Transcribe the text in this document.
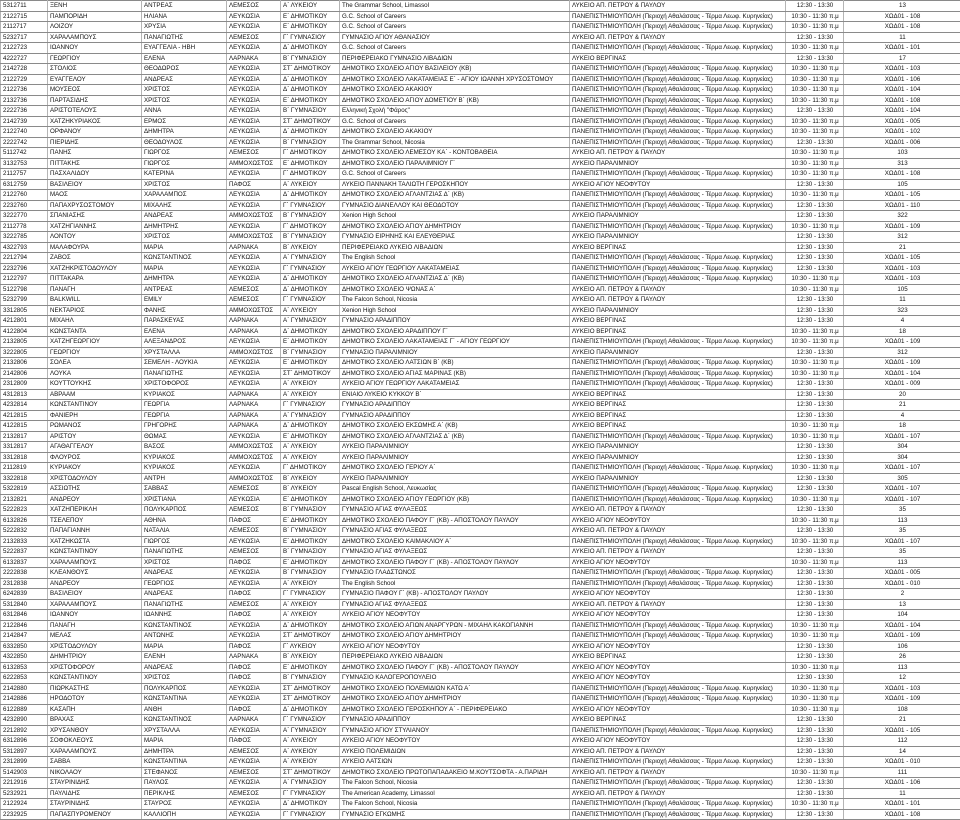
5312711	ΞΕΝΗ	ΑΝΤΡΕΑΣ	ΛΕΜΕΣΟΣ	Α΄ ΛΥΚΕΙΟΥ	The Grammar School, Limassol	ΛΥΚΕΙΟ ΑΠ. ΠΕΤΡΟΥ & ΠΑΥΛΟΥ	12:30 - 13:30	13
2122715	ΠΑΜΠΟΡΙΔΗ	ΗΛΙΑΝΑ	ΛΕΥΚΩΣΙΑ	Ε΄ ΔΗΜΟΤΙΚΟΥ	G.C. School of Careers	ΠΑΝΕΠΙΣΤΗΜΙΟΥΠΟΛΗ (Περιοχή Αθαλάσσας - Τέρμα Λεωφ. Κυρηνείας)	10:30 - 11:30 π.μ	ΧΩΔ01 - 108
2112717	ΛΟΙΖΟΥ	ΧΡΥΣΙΑ	ΛΕΥΚΩΣΙΑ	Ε΄ ΔΗΜΟΤΙΚΟΥ	G.C. School of Careers	ΠΑΝΕΠΙΣΤΗΜΙΟΥΠΟΛΗ (Περιοχή Αθαλάσσας - Τέρμα Λεωφ. Κυρηνείας)	10:30 - 11:30 π.μ	ΧΩΔ01 - 108
5232717	ΧΑΡΑΛΑΜΠΟΥΣ	ΠΑΝΑΓΙΩΤΗΣ	ΛΕΜΕΣΟΣ	Γ΄ ΓΥΜΝΑΣΙΟΥ	ΓΥΜΝΑΣΙΟ ΑΓΙΟΥ ΑΘΑΝΑΣΙΟΥ	ΛΥΚΕΙΟ ΑΠ. ΠΕΤΡΟΥ & ΠΑΥΛΟΥ	12:30 - 13:30	11
2122723	ΙΩΑΝΝΟΥ	ΕΥΑΓΓΕΛΙΑ - ΗΒΗ	ΛΕΥΚΩΣΙΑ	Δ΄ ΔΗΜΟΤΙΚΟΥ	G.C. School of Careers	ΠΑΝΕΠΙΣΤΗΜΙΟΥΠΟΛΗ (Περιοχή Αθαλάσσας - Τέρμα Λεωφ. Κυρηνείας)	10:30 - 11:30 π.μ	ΧΩΔ01 - 101
4222727	ΓΕΩΡΓΙΟΥ	ΕΛΕΝΑ	ΛΑΡΝΑΚΑ	Β΄ ΓΥΜΝΑΣΙΟΥ	ΠΕΡΙΦΕΡΕΙΑΚΟ ΓΥΜΝΑΣΙΟ ΛΙΒΑΔΙΩΝ	ΛΥΚΕΙΟ ΒΕΡΓΙΝΑΣ	12:30 - 13:30	17
2142728	ΣΤΟΛΙΟΣ	ΘΕΟΔΩΡΟΣ	ΛΕΥΚΩΣΙΑ	ΣΤ΄ ΔΗΜΟΤΙΚΟΥ	ΔΗΜΟΤΙΚΟ ΣΧΟΛΕΙΟ ΑΓΙΟΥ ΒΑΣΙΛΕΙΟΥ (ΚΒ)	ΠΑΝΕΠΙΣΤΗΜΙΟΥΠΟΛΗ (Περιοχή Αθαλάσσας - Τέρμα Λεωφ. Κυρηνείας)	10:30 - 11:30 π.μ	ΧΩΔ01 - 103
2122729	ΕΥΑΓΓΕΛΟΥ	ΑΝΔΡΕΑΣ	ΛΕΥΚΩΣΙΑ	Δ΄ ΔΗΜΟΤΙΚΟΥ	ΔΗΜΟΤΙΚΟ ΣΧΟΛΕΙΟ ΛΑΚΑΤΑΜΕΙΑΣ Ε΄ - ΑΓΙΟΥ ΙΩΑΝΝΗ ΧΡΥΣΟΣΤΟΜΟΥ	ΠΑΝΕΠΙΣΤΗΜΙΟΥΠΟΛΗ (Περιοχή Αθαλάσσας - Τέρμα Λεωφ. Κυρηνείας)	10:30 - 11:30 π.μ	ΧΩΔ01 - 106
2122736	ΜΟΥΣΕΟΣ	ΧΡΙΣΤΟΣ	ΛΕΥΚΩΣΙΑ	Δ΄ ΔΗΜΟΤΙΚΟΥ	ΔΗΜΟΤΙΚΟ ΣΧΟΛΕΙΟ ΑΚΑΚΙΟΥ	ΠΑΝΕΠΙΣΤΗΜΙΟΥΠΟΛΗ (Περιοχή Αθαλάσσας - Τέρμα Λεωφ. Κυρηνείας)	10:30 - 11:30 π.μ	ΧΩΔ01 - 104
2132736	ΠΑΡΤΑΣΙΔΗΣ	ΧΡΙΣΤΟΣ	ΛΕΥΚΩΣΙΑ	Ε΄ ΔΗΜΟΤΙΚΟΥ	ΔΗΜΟΤΙΚΟ ΣΧΟΛΕΙΟ ΑΓΙΟΥ ΔΟΜΕΤΙΟΥ Β΄ (ΚΒ)	ΠΑΝΕΠΙΣΤΗΜΙΟΥΠΟΛΗ (Περιοχή Αθαλάσσας - Τέρμα Λεωφ. Κυρηνείας)	10:30 - 11:30 π.μ	ΧΩΔ01 - 108
2222736	ΑΡΙΣΤΟΤΕΛΟΥΣ	ΑΝΝΑ	ΛΕΥΚΩΣΙΑ	Β΄ ΓΥΜΝΑΣΙΟΥ	Ελληνική Σχολή "Φάρος"	ΠΑΝΕΠΙΣΤΗΜΙΟΥΠΟΛΗ (Περιοχή Αθαλάσσας - Τέρμα Λεωφ. Κυρηνείας)	12:30 - 13:30	ΧΩΔ01 - 104
2142739	ΧΑΤΖΗΚΥΡΙΑΚΟΣ	ΕΡΜΟΣ	ΛΕΥΚΩΣΙΑ	ΣΤ΄ ΔΗΜΟΤΙΚΟΥ	G.C. School of Careers	ΠΑΝΕΠΙΣΤΗΜΙΟΥΠΟΛΗ (Περιοχή Αθαλάσσας - Τέρμα Λεωφ. Κυρηνείας)	10:30 - 11:30 π.μ	ΧΩΔ01 - 005
2122740	ΟΡΦΑΝΟΥ	ΔΗΜΗΤΡΑ	ΛΕΥΚΩΣΙΑ	Δ΄ ΔΗΜΟΤΙΚΟΥ	ΔΗΜΟΤΙΚΟ ΣΧΟΛΕΙΟ ΑΚΑΚΙΟΥ	ΠΑΝΕΠΙΣΤΗΜΙΟΥΠΟΛΗ (Περιοχή Αθαλάσσας - Τέρμα Λεωφ. Κυρηνείας)	10:30 - 11:30 π.μ	ΧΩΔ01 - 102
2222742	ΠΙΕΡΙΔΗΣ	ΘΕΟΔΟΥΛΟΣ	ΛΕΥΚΩΣΙΑ	Β΄ ΓΥΜΝΑΣΙΟΥ	The Grammar School, Nicosia	ΠΑΝΕΠΙΣΤΗΜΙΟΥΠΟΛΗ (Περιοχή Αθαλάσσας - Τέρμα Λεωφ. Κυρηνείας)	12:30 - 13:30	ΧΩΔ01 - 006
5112742	ΠΑΝΗΣ	ΓΙΩΡΓΟΣ	ΛΕΜΕΣΟΣ	Γ΄ ΔΗΜΟΤΙΚΟΥ	ΔΗΜΟΤΙΚΟ ΣΧΟΛΕΙΟ ΛΕΜΕΣΟΥ ΚΑ΄ - ΚΟΝΤΟΒΑΘΕΙΑ	ΛΥΚΕΙΟ ΑΠ. ΠΕΤΡΟΥ & ΠΑΥΛΟΥ	10:30 - 11:30 π.μ	103
3132753	ΠΙΤΤΑΚΗΣ	ΓΙΩΡΓΟΣ	ΑΜΜΟΧΩΣΤΟΣ	Ε΄ ΔΗΜΟΤΙΚΟΥ	ΔΗΜΟΤΙΚΟ ΣΧΟΛΕΙΟ ΠΑΡΑΛΙΜΝΙΟΥ Γ΄	ΛΥΚΕΙΟ ΠΑΡΑΛΙΜΝΙΟΥ	10:30 - 11:30 π.μ	313
2112757	ΠΑΣΧΑΛΙΔΟΥ	ΚΑΤΕΡΙΝΑ	ΛΕΥΚΩΣΙΑ	Γ΄ ΔΗΜΟΤΙΚΟΥ	G.C. School of Careers	ΠΑΝΕΠΙΣΤΗΜΙΟΥΠΟΛΗ (Περιοχή Αθαλάσσας - Τέρμα Λεωφ. Κυρηνείας)	10:30 - 11:30 π.μ	ΧΩΔ01 - 108
6312759	ΒΑΣΙΛΕΙΟΥ	ΧΡΙΣΤΟΣ	ΠΑΦΟΣ	Α΄ ΛΥΚΕΙΟΥ	ΛΥΚΕΙΟ ΠΑΝΝΑΚΗ ΤΑΛΙΩΤΗ ΓΕΡΟΣΚΗΠΟΥ	ΛΥΚΕΙΟ ΑΓΙΟΥ ΝΕΟΦΥΤΟΥ	12:30 - 13:30	105
2122760	ΜΑΟΣ	ΧΑΡΑΛΑΜΠΟΣ	ΛΕΥΚΩΣΙΑ	Δ΄ ΔΗΜΟΤΙΚΟΥ	ΔΗΜΟΤΙΚΟ ΣΧΟΛΕΙΟ ΑΓΛΑΝΤΖΙΑΣ Δ΄ (ΚΒ)	ΠΑΝΕΠΙΣΤΗΜΙΟΥΠΟΛΗ (Περιοχή Αθαλάσσας - Τέρμα Λεωφ. Κυρηνείας)	10:30 - 11:30 π.μ	ΧΩΔ01 - 105
2232760	ΠΑΠΑΧΡΥΣΟΣΤΟΜΟΥ	ΜΙΧΑΛΗΣ	ΛΕΥΚΩΣΙΑ	Γ΄ ΓΥΜΝΑΣΙΟΥ	ΓΥΜΝΑΣΙΟ ΔΙΑΝΕΛΛΟΥ ΚΑΙ ΘΕΟΔΟΤΟΥ	ΠΑΝΕΠΙΣΤΗΜΙΟΥΠΟΛΗ (Περιοχή Αθαλάσσας - Τέρμα Λεωφ. Κυρηνείας)	12:30 - 13:30	ΧΩΔ01 - 110
3222770	ΣΠΑΝΙΑΣΗΣ	ΑΝΔΡΕΑΣ	ΑΜΜΟΧΩΣΤΟΣ	Β΄ ΓΥΜΝΑΣΙΟΥ	Xenion High School	ΛΥΚΕΙΟ ΠΑΡΑΛΙΜΝΙΟΥ	12:30 - 13:30	322
2112778	ΧΑΤΖΗΓΙΑΝΝΗΣ	ΔΗΜΗΤΡΗΣ	ΛΕΥΚΩΣΙΑ	Γ΄ ΔΗΜΟΤΙΚΟΥ	ΔΗΜΟΤΙΚΟ ΣΧΟΛΕΙΟ ΑΓΙΟΥ ΔΗΜΗΤΡΙΟΥ	ΠΑΝΕΠΙΣΤΗΜΙΟΥΠΟΛΗ (Περιοχή Αθαλάσσας - Τέρμα Λεωφ. Κυρηνείας)	10:30 - 11:30 π.μ	ΧΩΔ01 - 109
3222785	ΛΟΝΤΟΥ	ΧΡΙΣΤΟΣ	ΑΜΜΟΧΩΣΤΟΣ	Β΄ ΓΥΜΝΑΣΙΟΥ	ΓΥΜΝΑΣΙΟ ΕΙΡΗΝΗΣ ΚΑΙ ΕΛΕΥΘΕΡΙΑΣ	ΛΥΚΕΙΟ ΠΑΡΑΛΙΜΝΙΟΥ	12:30 - 13:30	312
4322793	ΜΑΛΑΦΟΥΡΑ	ΜΑΡΙΑ	ΛΑΡΝΑΚΑ	Β΄ ΛΥΚΕΙΟΥ	ΠΕΡΙΦΕΡΕΙΑΚΟ ΛΥΚΕΙΟ ΛΙΒΑΔΙΩΝ	ΛΥΚΕΙΟ ΒΕΡΓΙΝΑΣ	12:30 - 13:30	21
2212794	ΖΑΒΟΣ	ΚΩΝΣΤΑΝΤΙΝΟΣ	ΛΕΥΚΩΣΙΑ	Α΄ ΓΥΜΝΑΣΙΟΥ	The English School	ΠΑΝΕΠΙΣΤΗΜΙΟΥΠΟΛΗ (Περιοχή Αθαλάσσας - Τέρμα Λεωφ. Κυρηνείας)	12:30 - 13:30	ΧΩΔ01 - 105
2232796	ΧΑΤΖΗΚΡΙΣΤΟΔΟΥΛΟΥ	ΜΑΡΙΑ	ΛΕΥΚΩΣΙΑ	Γ΄ ΓΥΜΝΑΣΙΟΥ	ΛΥΚΕΙΟ ΑΓΙΟΥ ΓΕΩΡΓΙΟΥ ΛΑΚΑΤΑΜΕΙΑΣ	ΠΑΝΕΠΙΣΤΗΜΙΟΥΠΟΛΗ (Περιοχή Αθαλάσσας - Τέρμα Λεωφ. Κυρηνείας)	12:30 - 13:30	ΧΩΔ01 - 103
2122797	ΠΙΤΤΑΚΑΡΑ	ΔΗΜΗΤΡΑ	ΛΕΥΚΩΣΙΑ	Δ΄ ΔΗΜΟΤΙΚΟΥ	ΔΗΜΟΤΙΚΟ ΣΧΟΛΕΙΟ ΑΓΛΑΝΤΖΙΑΣ Δ΄ (ΚΒ)	ΠΑΝΕΠΙΣΤΗΜΙΟΥΠΟΛΗ (Περιοχή Αθαλάσσας - Τέρμα Λεωφ. Κυρηνείας)	10:30 - 11:30 π.μ	ΧΩΔ01 - 103
5122798	ΠΑΝΑΓΗ	ΑΝΤΡΕΑΣ	ΛΕΜΕΣΟΣ	Δ΄ ΔΗΜΟΤΙΚΟΥ	ΔΗΜΟΤΙΚΟ ΣΧΟΛΕΙΟ ΨΩΝΑΣ Α΄	ΛΥΚΕΙΟ ΑΠ. ΠΕΤΡΟΥ & ΠΑΥΛΟΥ	10:30 - 11:30 π.μ	105
5232799	BALKWILL	EMILY	ΛΕΜΕΣΟΣ	Γ΄ ΓΥΜΝΑΣΙΟΥ	The Falcon School, Nicosia	ΛΥΚΕΙΟ ΑΠ. ΠΕΤΡΟΥ & ΠΑΥΛΟΥ	12:30 - 13:30	11
3312805	ΝΕΚΤΑΡΙΟΣ	ΦΑΝΗΣ	ΑΜΜΟΧΩΣΤΟΣ	Α΄ ΛΥΚΕΙΟΥ	Xenion High School	ΛΥΚΕΙΟ ΠΑΡΑΛΙΜΝΙΟΥ	12:30 - 13:30	323
4212801	ΜΙΧΑΗΛ	ΠΑΡΑΣΚΕΥΑΣ	ΛΑΡΝΑΚΑ	Α΄ ΓΥΜΝΑΣΙΟΥ	ΓΥΜΝΑΣΙΟ ΑΡΑΔΙΠΠΟΥ	ΛΥΚΕΙΟ ΒΕΡΓΙΝΑΣ	12:30 - 13:30	4
4122804	ΚΩΝΣΤΑΝΤΑ	ΕΛΕΝΑ	ΛΑΡΝΑΚΑ	Δ΄ ΔΗΜΟΤΙΚΟΥ	ΔΗΜΟΤΙΚΟ ΣΧΟΛΕΙΟ ΑΡΑΔΙΠΠΟΥ Γ΄	ΛΥΚΕΙΟ ΒΕΡΓΙΝΑΣ	10:30 - 11:30 π.μ	18
2132805	ΧΑΤΖΗΓΕΩΡΓΙΟΥ	ΑΛΕΞΑΝΔΡΟΣ	ΛΕΥΚΩΣΙΑ	Ε΄ ΔΗΜΟΤΙΚΟΥ	ΔΗΜΟΤΙΚΟ ΣΧΟΛΕΙΟ ΛΑΚΑΤΑΜΕΙΑΣ Γ΄ - ΑΓΙΟΥ ΓΕΩΡΓΙΟΥ	ΠΑΝΕΠΙΣΤΗΜΙΟΥΠΟΛΗ (Περιοχή Αθαλάσσας - Τέρμα Λεωφ. Κυρηνείας)	10:30 - 11:30 π.μ	ΧΩΔ01 - 109
3222805	ΓΕΩΡΓΙΟΥ	ΧΡΥΣΤΑΛΛΑ	ΑΜΜΟΧΩΣΤΟΣ	Β΄ ΓΥΜΝΑΣΙΟΥ	ΓΥΜΝΑΣΙΟ ΠΑΡΑΛΙΜΝΙΟΥ	ΛΥΚΕΙΟ ΠΑΡΑΛΙΜΝΙΟΥ	12:30 - 13:30	312
2132806	ΣΟΛΕΑ	ΣΕΜΕΛΗ - ΛΟΥΚΙΑ	ΛΕΥΚΩΣΙΑ	Ε΄ ΔΗΜΟΤΙΚΟΥ	ΔΗΜΟΤΙΚΟ ΣΧΟΛΕΙΟ ΛΑΤΣΙΩΝ Β΄ (ΚΒ)	ΠΑΝΕΠΙΣΤΗΜΙΟΥΠΟΛΗ (Περιοχή Αθαλάσσας - Τέρμα Λεωφ. Κυρηνείας)	10:30 - 11:30 π.μ	ΧΩΔ01 - 109
2142806	ΛΟΥΚΑ	ΠΑΝΑΓΙΩΤΗΣ	ΛΕΥΚΩΣΙΑ	ΣΤ΄ ΔΗΜΟΤΙΚΟΥ	ΔΗΜΟΤΙΚΟ ΣΧΟΛΕΙΟ ΑΓΙΑΣ ΜΑΡΙΝΑΣ (ΚΒ)	ΠΑΝΕΠΙΣΤΗΜΙΟΥΠΟΛΗ (Περιοχή Αθαλάσσας - Τέρμα Λεωφ. Κυρηνείας)	10:30 - 11:30 π.μ	ΧΩΔ01 - 104
2312809	ΚΟΥΤΤΟΥΚΗΣ	ΧΡΙΣΤΟΦΟΡΟΣ	ΛΕΥΚΩΣΙΑ	Α΄ ΛΥΚΕΙΟΥ	ΛΥΚΕΙΟ ΑΓΙΟΥ ΓΕΩΡΓΙΟΥ ΛΑΚΑΤΑΜΕΙΑΣ	ΠΑΝΕΠΙΣΤΗΜΙΟΥΠΟΛΗ (Περιοχή Αθαλάσσας - Τέρμα Λεωφ. Κυρηνείας)	12:30 - 13:30	ΧΩΔ01 - 009
4312813	ΑΒΡΑΑΜ	ΚΥΡΙΑΚΟΣ	ΛΑΡΝΑΚΑ	Α΄ ΛΥΚΕΙΟΥ	ΕΝΙΑΙΟ ΛΥΚΕΙΟ ΚΥΚΚΟΥ Β΄	ΛΥΚΕΙΟ ΒΕΡΓΙΝΑΣ	12:30 - 13:30	20
4232814	ΚΩΝΣΤΑΝΤΙΝΟΥ	ΓΕΩΡΓΙΑ	ΛΑΡΝΑΚΑ	Γ΄ ΓΥΜΝΑΣΙΟΥ	ΓΥΜΝΑΣΙΟ ΑΡΑΔΙΠΠΟΥ	ΛΥΚΕΙΟ ΒΕΡΓΙΝΑΣ	12:30 - 13:30	21
4212815	ΦΑΝΙΕΡΗ	ΓΕΩΡΓΙΑ	ΛΑΡΝΑΚΑ	Α΄ ΓΥΜΝΑΣΙΟΥ	ΓΥΜΝΑΣΙΟ ΑΡΑΔΙΠΠΟΥ	ΛΥΚΕΙΟ ΒΕΡΓΙΝΑΣ	12:30 - 13:30	4
4122815	ΡΩΜΑΝΟΣ	ΓΡΗΓΟΡΗΣ	ΛΑΡΝΑΚΑ	Δ΄ ΔΗΜΟΤΙΚΟΥ	ΔΗΜΟΤΙΚΟ ΣΧΟΛΕΙΟ ΕΚΣΩΜΗΣ Α΄ (ΚΒ)	ΛΥΚΕΙΟ ΒΕΡΓΙΝΑΣ	10:30 - 11:30 π.μ	18
2132817	ΑΡΙΣΤΟΥ	ΘΩΜΑΣ	ΛΕΥΚΩΣΙΑ	Ε΄ ΔΗΜΟΤΙΚΟΥ	ΔΗΜΟΤΙΚΟ ΣΧΟΛΕΙΟ ΑΓΛΑΝΤΖΙΑΣ Δ΄ (ΚΒ)	ΠΑΝΕΠΙΣΤΗΜΙΟΥΠΟΛΗ (Περιοχή Αθαλάσσας - Τέρμα Λεωφ. Κυρηνείας)	10:30 - 11:30 π.μ	ΧΩΔ01 - 107
3312817	ΑΓΑΘΑΓΓΕΛΟΥ	ΒΑΣΟΣ	ΑΜΜΟΧΩΣΤΟΣ	Α΄ ΛΥΚΕΙΟΥ	ΛΥΚΕΙΟ ΠΑΡΑΛΙΜΝΙΟΥ	ΛΥΚΕΙΟ ΠΑΡΑΛΙΜΝΙΟΥ	12:30 - 13:30	304
3312818	ΦΛΟΥΡΟΣ	ΚΥΡΙΑΚΟΣ	ΑΜΜΟΧΩΣΤΟΣ	Α΄ ΛΥΚΕΙΟΥ	ΛΥΚΕΙΟ ΠΑΡΑΛΙΜΝΙΟΥ	ΛΥΚΕΙΟ ΠΑΡΑΛΙΜΝΙΟΥ	12:30 - 13:30	304
2112819	ΚΥΡΙΑΚΟΥ	ΚΥΡΙΑΚΟΣ	ΛΕΥΚΩΣΙΑ	Γ΄ ΔΗΜΟΤΙΚΟΥ	ΔΗΜΟΤΙΚΟ ΣΧΟΛΕΙΟ ΓΕΡΙΟΥ Α΄	ΠΑΝΕΠΙΣΤΗΜΙΟΥΠΟΛΗ (Περιοχή Αθαλάσσας - Τέρμα Λεωφ. Κυρηνείας)	10:30 - 11:30 π.μ	ΧΩΔ01 - 107
3322818	ΧΡΙΣΤΟΔΟΥΛΟΥ	ΑΝΤΡΗ	ΑΜΜΟΧΩΣΤΟΣ	Β΄ ΛΥΚΕΙΟΥ	ΛΥΚΕΙΟ ΠΑΡΑΛΙΜΝΙΟΥ	ΛΥΚΕΙΟ ΠΑΡΑΛΙΜΝΙΟΥ	12:30 - 13:30	305
5322819	ΑΣΣΙΩΤΗΣ	ΣΑΒΒΑΣ	ΛΕΜΕΣΟΣ	Β΄ ΛΥΚΕΙΟΥ	Pascal English School, Λευκωσίας	ΠΑΝΕΠΙΣΤΗΜΙΟΥΠΟΛΗ (Περιοχή Αθαλάσσας - Τέρμα Λεωφ. Κυρηνείας)	12:30 - 13:30	ΧΩΔ01 - 107
2132821	ΑΝΔΡΕΟΥ	ΧΡΙΣΤΙΑΝΑ	ΛΕΥΚΩΣΙΑ	Ε΄ ΔΗΜΟΤΙΚΟΥ	ΔΗΜΟΤΙΚΟ ΣΧΟΛΕΙΟ ΑΓΙΟΥ ΓΕΩΡΓΙΟΥ (ΚΒ)	ΠΑΝΕΠΙΣΤΗΜΙΟΥΠΟΛΗ (Περιοχή Αθαλάσσας - Τέρμα Λεωφ. Κυρηνείας)	10:30 - 11:30 π.μ	ΧΩΔ01 - 107
5222823	ΧΑΤΖΗΠΕΡΙΚΛΗ	ΠΟΛΥΚΑΡΠΟΣ	ΛΕΜΕΣΟΣ	Β΄ ΓΥΜΝΑΣΙΟΥ	ΓΥΜΝΑΣΙΟ ΑΓΙΑΣ ΦΥΛΑΞΕΩΣ	ΛΥΚΕΙΟ ΑΠ. ΠΕΤΡΟΥ & ΠΑΥΛΟΥ	12:30 - 13:30	35
6132826	ΤΣΕΛΕΠΟΥ	ΑΘΗΝΑ	ΠΑΦΟΣ	Ε΄ ΔΗΜΟΤΙΚΟΥ	ΔΗΜΟΤΙΚΟ ΣΧΟΛΕΙΟ ΠΑΦΟΥ Γ΄ (ΚΒ) - ΑΠΟΣΤΟΛΟΥ ΠΑΥΛΟΥ	ΛΥΚΕΙΟ ΑΓΙΟΥ ΝΕΟΦΥΤΟΥ	10:30 - 11:30 π.μ	113
5222832	ΠΑΠΑΓΙΑΝΝΗ	ΝΑΤΑΛΙΑ	ΛΕΜΕΣΟΣ	Β΄ ΓΥΜΝΑΣΙΟΥ	ΓΥΜΝΑΣΙΟ ΑΓΙΑΣ ΦΥΛΑΞΕΩΣ	ΛΥΚΕΙΟ ΑΠ. ΠΕΤΡΟΥ & ΠΑΥΛΟΥ	12:30 - 13:30	35
2132833	ΧΑΤΖΗΚΩΣΤΑ	ΓΙΩΡΓΟΣ	ΛΕΥΚΩΣΙΑ	Ε΄ ΔΗΜΟΤΙΚΟΥ	ΔΗΜΟΤΙΚΟ ΣΧΟΛΕΙΟ ΚΑΙΜΑΚΛΙΟΥ Α΄	ΠΑΝΕΠΙΣΤΗΜΙΟΥΠΟΛΗ (Περιοχή Αθαλάσσας - Τέρμα Λεωφ. Κυρηνείας)	10:30 - 11:30 π.μ	ΧΩΔ01 - 107
5222837	ΚΩΝΣΤΑΝΤΙΝΟΥ	ΠΑΝΑΓΙΩΤΗΣ	ΛΕΜΕΣΟΣ	Β΄ ΓΥΜΝΑΣΙΟΥ	ΓΥΜΝΑΣΙΟ ΑΓΙΑΣ ΦΥΛΑΞΕΩΣ	ΛΥΚΕΙΟ ΑΠ. ΠΕΤΡΟΥ & ΠΑΥΛΟΥ	12:30 - 13:30	35
6132837	ΧΑΡΑΛΑΜΠΟΥΣ	ΧΡΙΣΤΟΣ	ΠΑΦΟΣ	Ε΄ ΔΗΜΟΤΙΚΟΥ	ΔΗΜΟΤΙΚΟ ΣΧΟΛΕΙΟ ΠΑΦΟΥ Γ΄ (ΚΒ) - ΑΠΟΣΤΟΛΟΥ ΠΑΥΛΟΥ	ΛΥΚΕΙΟ ΑΓΙΟΥ ΝΕΟΦΥΤΟΥ	10:30 - 11:30 π.μ	113
2222838	ΚΛΕΑΝΘΟΥΣ	ΑΝΔΡΕΑΣ	ΛΕΥΚΩΣΙΑ	Β΄ ΓΥΜΝΑΣΙΟΥ	ΓΥΜΝΑΣΙΟ ΓΛΑΔΣΤΩΝΟΣ	ΠΑΝΕΠΙΣΤΗΜΙΟΥΠΟΛΗ (Περιοχή Αθαλάσσας - Τέρμα Λεωφ. Κυρηνείας)	12:30 - 13:30	ΧΩΔ01 - 005
2312838	ΑΝΔΡΕΟΥ	ΓΕΩΡΓΙΟΣ	ΛΕΥΚΩΣΙΑ	Α΄ ΛΥΚΕΙΟΥ	The English School	ΠΑΝΕΠΙΣΤΗΜΙΟΥΠΟΛΗ (Περιοχή Αθαλάσσας - Τέρμα Λεωφ. Κυρηνείας)	12:30 - 13:30	ΧΩΔ01 - 010
6242839	ΒΑΣΙΛΕΙΟΥ	ΑΝΔΡΕΑΣ	ΠΑΦΟΣ	Γ΄ ΓΥΜΝΑΣΙΟΥ	ΓΥΜΝΑΣΙΟ ΠΑΦΟΥ Γ΄ (ΚΒ) - ΑΠΟΣΤΟΛΟΥ ΠΑΥΛΟΥ	ΛΥΚΕΙΟ ΑΓΙΟΥ ΝΕΟΦΥΤΟΥ	12:30 - 13:30	2
5312840	ΧΑΡΑΛΑΜΠΟΥΣ	ΠΑΝΑΓΙΩΤΗΣ	ΛΕΜΕΣΟΣ	Α΄ ΛΥΚΕΙΟΥ	ΓΥΜΝΑΣΙΟ ΑΓΙΑΣ ΦΥΛΑΞΕΩΣ	ΛΥΚΕΙΟ ΑΠ. ΠΕΤΡΟΥ & ΠΑΥΛΟΥ	12:30 - 13:30	13
6312846	ΙΩΑΝΝΟΥ	ΙΩΑΝΝΗΣ	ΠΑΦΟΣ	Α΄ ΛΥΚΕΙΟΥ	ΛΥΚΕΙΟ ΑΓΙΟΥ ΝΕΟΦΥΤΟΥ	ΛΥΚΕΙΟ ΑΓΙΟΥ ΝΕΟΦΥΤΟΥ	12:30 - 13:30	104
2122846	ΠΑΝΑΓΗ	ΚΩΝΣΤΑΝΤΙΝΟΣ	ΛΕΥΚΩΣΙΑ	Δ΄ ΔΗΜΟΤΙΚΟΥ	ΔΗΜΟΤΙΚΟ ΣΧΟΛΕΙΟ ΑΓΙΩΝ ΑΝΑΡΓΥΡΩΝ - ΜΙΧΑΗΛ ΚΑΚΟΓΙΑΝΝΗ	ΠΑΝΕΠΙΣΤΗΜΙΟΥΠΟΛΗ (Περιοχή Αθαλάσσας - Τέρμα Λεωφ. Κυρηνείας)	10:30 - 11:30 π.μ	ΧΩΔ01 - 104
2142847	ΜΕΛΑΣ	ΑΝΤΩΝΗΣ	ΛΕΥΚΩΣΙΑ	ΣΤ΄ ΔΗΜΟΤΙΚΟΥ	ΔΗΜΟΤΙΚΟ ΣΧΟΛΕΙΟ ΑΓΙΟΥ ΔΗΜΗΤΡΙΟΥ	ΠΑΝΕΠΙΣΤΗΜΙΟΥΠΟΛΗ (Περιοχή Αθαλάσσας - Τέρμα Λεωφ. Κυρηνείας)	10:30 - 11:30 π.μ	ΧΩΔ01 - 109
6332850	ΧΡΙΣΤΟΔΟΥΛΟΥ	ΜΑΡΙΑ	ΠΑΦΟΣ	Γ΄ ΛΥΚΕΙΟΥ	ΛΥΚΕΙΟ ΑΓΙΟΥ ΝΕΟΦΥΤΟΥ	ΛΥΚΕΙΟ ΑΓΙΟΥ ΝΕΟΦΥΤΟΥ	12:30 - 13:30	106
4322850	ΔΗΜΗΤΡΙΟΥ	ΕΛΕΝΗ	ΛΑΡΝΑΚΑ	Β΄ ΛΥΚΕΙΟΥ	ΠΕΡΙΦΕΡΕΙΑΚΟ ΛΥΚΕΙΟ ΛΙΒΑΔΙΩΝ	ΛΥΚΕΙΟ ΒΕΡΓΙΝΑΣ	12:30 - 13:30	26
6132853	ΧΡΙΣΤΟΦΟΡΟΥ	ΑΝΔΡΕΑΣ	ΠΑΦΟΣ	Ε΄ ΔΗΜΟΤΙΚΟΥ	ΔΗΜΟΤΙΚΟ ΣΧΟΛΕΙΟ ΠΑΦΟΥ Γ΄ (ΚΒ) - ΑΠΟΣΤΟΛΟΥ ΠΑΥΛΟΥ	ΛΥΚΕΙΟ ΑΓΙΟΥ ΝΕΟΦΥΤΟΥ	10:30 - 11:30 π.μ	113
6222853	ΚΩΝΣΤΑΝΤΙΝΟΥ	ΧΡΙΣΤΟΣ	ΠΑΦΟΣ	Β΄ ΓΥΜΝΑΣΙΟΥ	ΓΥΜΝΑΣΙΟ ΚΑΛΟΓΕΡΟΠΟΥΛΕΙΟ	ΛΥΚΕΙΟ ΑΓΙΟΥ ΝΕΟΦΥΤΟΥ	12:30 - 13:30	12
2142880	ΠΙΩΡΚΑΣΤΗΣ	ΠΟΛΥΚΑΡΠΟΣ	ΛΕΥΚΩΣΙΑ	ΣΤ΄ ΔΗΜΟΤΙΚΟΥ	ΔΗΜΟΤΙΚΟ ΣΧΟΛΕΙΟ ΠΟΛΕΜΙΔΙΩΝ ΚΑΤΩ Α΄	ΠΑΝΕΠΙΣΤΗΜΙΟΥΠΟΛΗ (Περιοχή Αθαλάσσας - Τέρμα Λεωφ. Κυρηνείας)	10:30 - 11:30 π.μ	ΧΩΔ01 - 103
2142886	ΗΡΟΔΟΤΟΥ	ΚΩΝΣΤΑΝΤΙΝΑ	ΛΕΥΚΩΣΙΑ	ΣΤ΄ ΔΗΜΟΤΙΚΟΥ	ΔΗΜΟΤΙΚΟ ΣΧΟΛΕΙΟ ΑΓΙΟΥ ΔΗΜΗΤΡΙΟΥ	ΠΑΝΕΠΙΣΤΗΜΙΟΥΠΟΛΗ (Περιοχή Αθαλάσσας - Τέρμα Λεωφ. Κυρηνείας)	10:30 - 11:30 π.μ	ΧΩΔ01 - 109
6122889	ΚΑΣΑΠΗ	ΑΝΘΗ	ΠΑΦΟΣ	Δ΄ ΔΗΜΟΤΙΚΟΥ	ΔΗΜΟΤΙΚΟ ΣΧΟΛΕΙΟ ΓΕΡΟΣΚΗΠΟΥ Α΄ - ΠΕΡΙΦΕΡΕΙΑΚΟ	ΛΥΚΕΙΟ ΑΓΙΟΥ ΝΕΟΦΥΤΟΥ	10:30 - 11:30 π.μ	108
4232890	ΒΡΑΧΑΣ	ΚΩΝΣΤΑΝΤΙΝΟΣ	ΛΑΡΝΑΚΑ	Γ΄ ΓΥΜΝΑΣΙΟΥ	ΓΥΜΝΑΣΙΟ ΑΡΑΔΙΠΠΟΥ	ΛΥΚΕΙΟ ΒΕΡΓΙΝΑΣ	12:30 - 13:30	21
2212892	ΧΡΥΣΑΝΘΟΥ	ΧΡΥΣΤΑΛΛΑ	ΛΕΥΚΩΣΙΑ	Α΄ ΓΥΜΝΑΣΙΟΥ	ΓΥΜΝΑΣΙΟ ΑΓΙΟΥ ΣΤΥΛΙΑΝΟΥ	ΠΑΝΕΠΙΣΤΗΜΙΟΥΠΟΛΗ (Περιοχή Αθαλάσσας - Τέρμα Λεωφ. Κυρηνείας)	12:30 - 13:30	ΧΩΔ01 - 105
6312896	ΣΟΦΟΚΛΕΟΥΣ	ΜΑΡΙΑ	ΠΑΦΟΣ	Α΄ ΛΥΚΕΙΟΥ	ΛΥΚΕΙΟ ΑΓΙΟΥ ΝΕΟΦΥΤΟΥ	ΛΥΚΕΙΟ ΑΓΙΟΥ ΝΕΟΦΥΤΟΥ	12:30 - 13:30	112
5312897	ΧΑΡΑΛΑΜΠΟΥΣ	ΔΗΜΗΤΡΑ	ΛΕΜΕΣΟΣ	Α΄ ΛΥΚΕΙΟΥ	ΛΥΚΕΙΟ ΠΟΛΕΜΙΔΙΩΝ	ΛΥΚΕΙΟ ΑΠ. ΠΕΤΡΟΥ & ΠΑΥΛΟΥ	12:30 - 13:30	14
2312899	ΣΑΒΒΑ	ΚΩΝΣΤΑΝΤΙΝΑ	ΛΕΥΚΩΣΙΑ	Α΄ ΛΥΚΕΙΟΥ	ΛΥΚΕΙΟ ΛΑΤΣΙΩΝ	ΠΑΝΕΠΙΣΤΗΜΙΟΥΠΟΛΗ (Περιοχή Αθαλάσσας - Τέρμα Λεωφ. Κυρηνείας)	12:30 - 13:30	ΧΩΔ01 - 010
5142903	ΝΙΚΟΛΑΟΥ	ΣΤΕΦΑΝΟΣ	ΛΕΜΕΣΟΣ	ΣΤ΄ ΔΗΜΟΤΙΚΟΥ	ΔΗΜΟΤΙΚΟ ΣΧΟΛΕΙΟ ΠΡΩΤΟΠΑΠΑΔΑΚΕΙΟ Μ.ΚΟΥΤΣΟΦΤΑ - Α.ΠΑΡΙΔΗ	ΛΥΚΕΙΟ ΑΠ. ΠΕΤΡΟΥ & ΠΑΥΛΟΥ	10:30 - 11:30 π.μ	111
2212916	ΣΤΑΥΡΙΝΙΔΗΣ	ΠΑΥΛΟΣ	ΛΕΥΚΩΣΙΑ	Α΄ ΓΥΜΝΑΣΙΟΥ	The Falcon School, Nicosia	ΠΑΝΕΠΙΣΤΗΜΙΟΥΠΟΛΗ (Περιοχή Αθαλάσσας - Τέρμα Λεωφ. Κυρηνείας)	12:30 - 13:30	ΧΩΔ01 - 106
5232921	ΠΑΥΛΙΔΗΣ	ΠΕΡΙΚΛΗΣ	ΛΕΜΕΣΟΣ	Γ΄ ΓΥΜΝΑΣΙΟΥ	The American Academy, Limassol	ΛΥΚΕΙΟ ΑΠ. ΠΕΤΡΟΥ & ΠΑΥΛΟΥ	12:30 - 13:30	11
2122924	ΣΤΑΥΡΙΝΙΔΗΣ	ΣΤΑΥΡΟΣ	ΛΕΥΚΩΣΙΑ	Δ΄ ΔΗΜΟΤΙΚΟΥ	The Falcon School, Nicosia	ΠΑΝΕΠΙΣΤΗΜΙΟΥΠΟΛΗ (Περιοχή Αθαλάσσας - Τέρμα Λεωφ. Κυρηνείας)	10:30 - 11:30 π.μ	ΧΩΔ01 - 101
2232925	ΠΑΠΑΣΠΥΡΟΜΕΝΟΥ	ΚΑΛΛΙΟΠΗ	ΛΕΥΚΩΣΙΑ	Γ΄ ΓΥΜΝΑΣΙΟΥ	ΓΥΜΝΑΣΙΟ ΕΓΚΩΜΗΣ	ΠΑΝΕΠΙΣΤΗΜΙΟΥΠΟΛΗ (Περιοχή Αθαλάσσας - Τέρμα Λεωφ. Κυρηνείας)	12:30 - 13:30	ΧΩΔ01 - 108
